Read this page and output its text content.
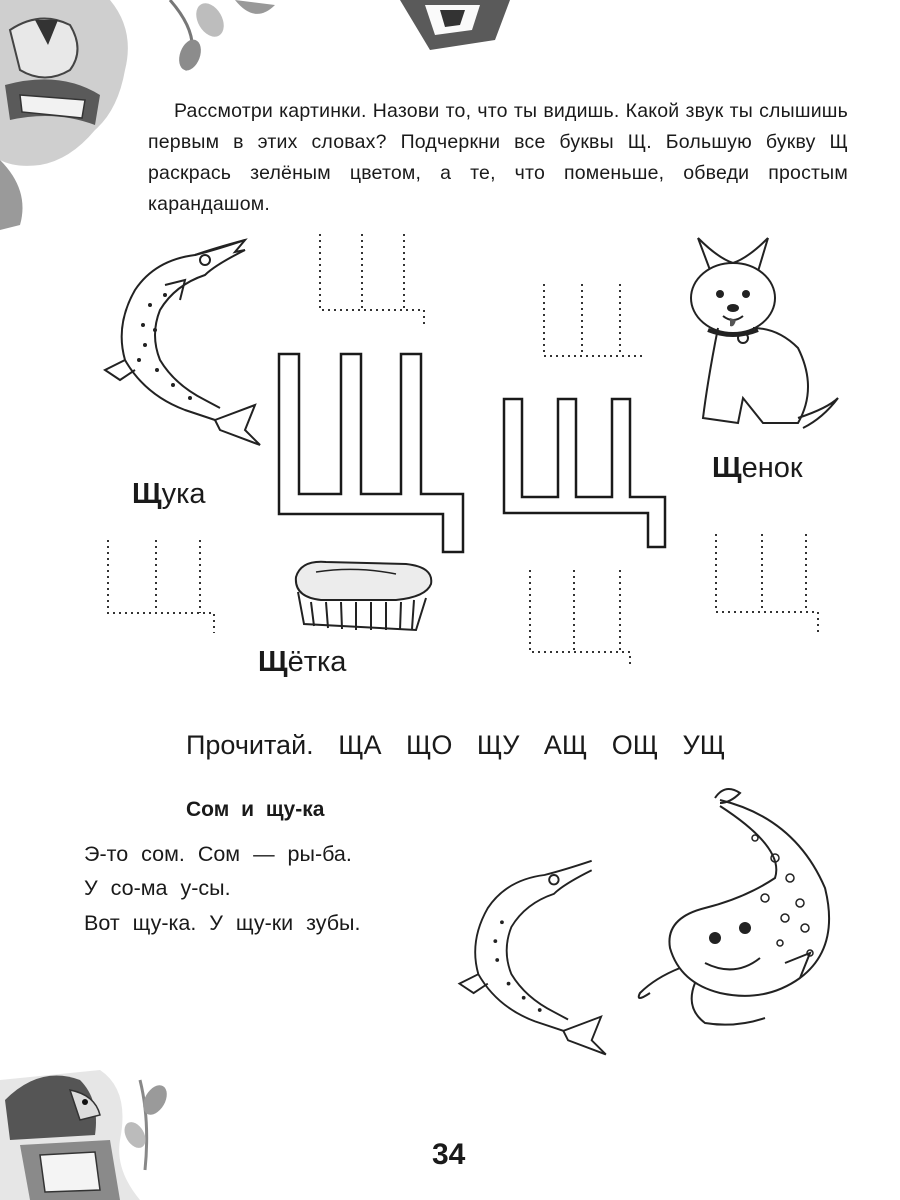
Рассмотри картинки. Назови то, что ты видишь. Какой звук ты слышишь первым в этих словах? Подчеркни все буквы Щ. Большую букву Щ раскрась зелёным цветом, а те, что поменьше, обведи простым карандашом.
Щука
Щенок
Щётка
Прочитай. ЩА ЩО ЩУ АЩ ОЩ УЩ
Сом и щу-ка
Э-то сом. Сом — ры-ба.
У со-ма у-сы.
Вот щу-ка. У щу-ки зубы.
34
